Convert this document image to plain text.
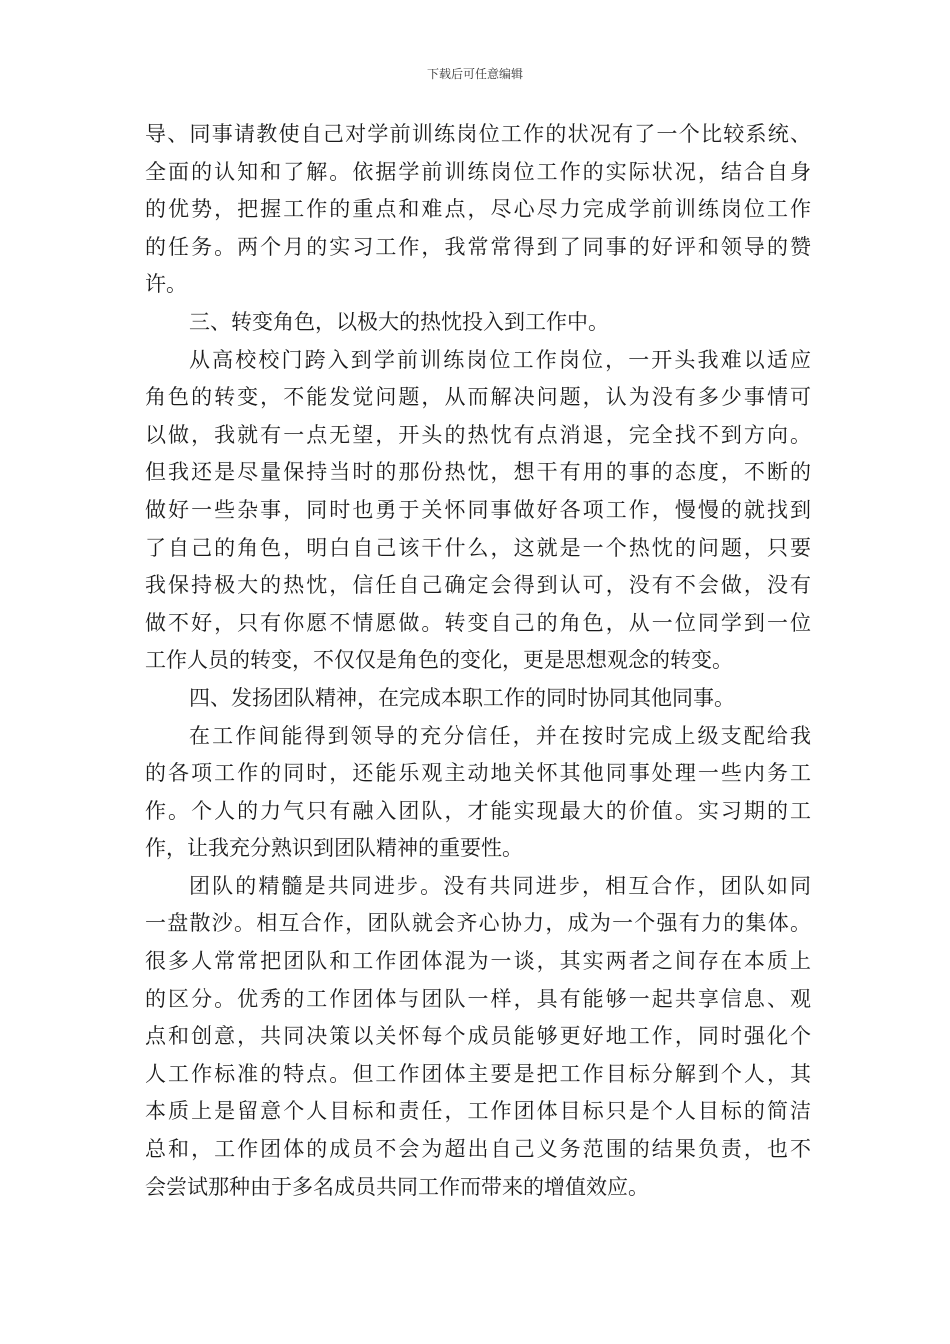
下载后可任意编辑
导、同事请教使自己对学前训练岗位工作的状况有了一个比较系统、
全面的认知和了解。依据学前训练岗位工作的实际状况，结合自身
的优势，把握工作的重点和难点，尽心尽力完成学前训练岗位工作
的任务。两个月的实习工作，我常常得到了同事的好评和领导的赞
许。
三、转变角色，以极大的热忱投入到工作中。
从高校校门跨入到学前训练岗位工作岗位，一开头我难以适应
角色的转变，不能发觉问题，从而解决问题，认为没有多少事情可
以做，我就有一点无望，开头的热忱有点消退，完全找不到方向。
但我还是尽量保持当时的那份热忱，想干有用的事的态度，不断的
做好一些杂事，同时也勇于关怀同事做好各项工作，慢慢的就找到
了自己的角色，明白自己该干什么，这就是一个热忱的问题，只要
我保持极大的热忱，信任自己确定会得到认可，没有不会做，没有
做不好，只有你愿不情愿做。转变自己的角色，从一位同学到一位
工作人员的转变，不仅仅是角色的变化，更是思想观念的转变。
四、发扬团队精神，在完成本职工作的同时协同其他同事。
在工作间能得到领导的充分信任，并在按时完成上级支配给我
的各项工作的同时，还能乐观主动地关怀其他同事处理一些内务工
作。个人的力气只有融入团队，才能实现最大的价值。实习期的工
作，让我充分熟识到团队精神的重要性。
团队的精髓是共同进步。没有共同进步，相互合作，团队如同
一盘散沙。相互合作，团队就会齐心协力，成为一个强有力的集体。
很多人常常把团队和工作团体混为一谈，其实两者之间存在本质上
的区分。优秀的工作团体与团队一样，具有能够一起共享信息、观
点和创意，共同决策以关怀每个成员能够更好地工作，同时强化个
人工作标准的特点。但工作团体主要是把工作目标分解到个人，其
本质上是留意个人目标和责任，工作团体目标只是个人目标的简洁
总和，工作团体的成员不会为超出自己义务范围的结果负责，也不
会尝试那种由于多名成员共同工作而带来的增值效应。
